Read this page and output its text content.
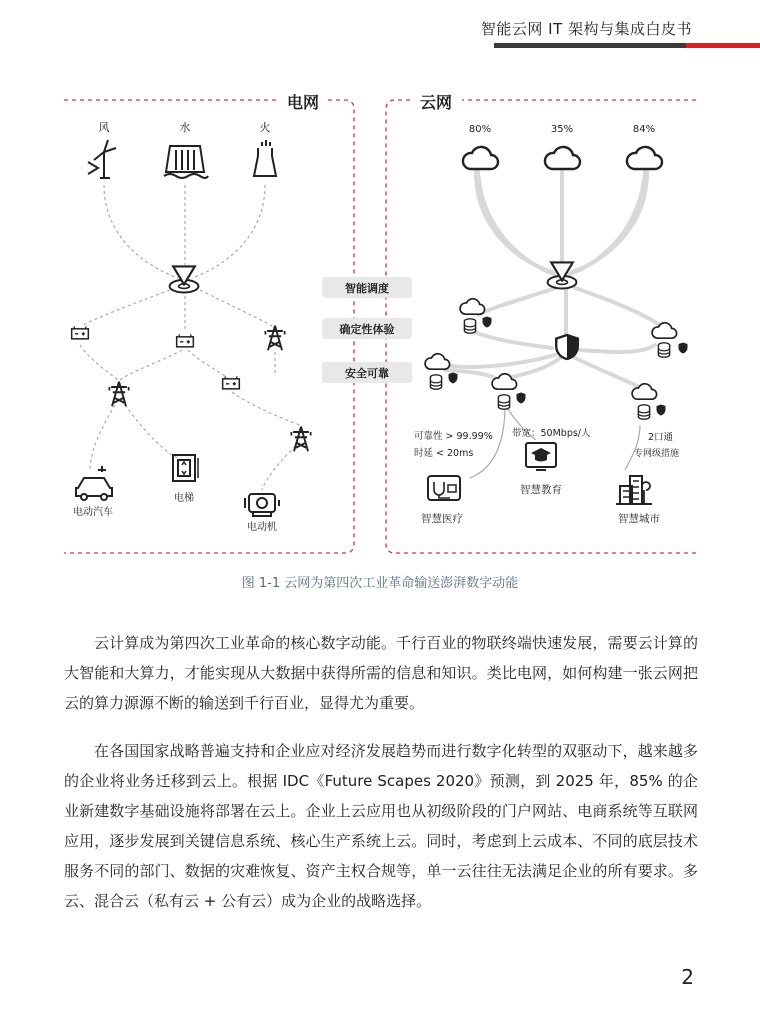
智能云网 IT 架构与集成白皮书
电网	云网
风	水	火
电动汽车
电梯
电动机
智能调度
确定性体验
安全可靠
80%	35%	84%
可靠性 > 99.99%
时延 < 20ms
带宽：50Mbps/人	2口通
专网级措施
智慧医疗
智慧教育
智慧城市
图 1-1 云网为第四次工业革命输送澎湃数字动能

云计算成为第四次工业革命的核心数字动能。千行百业的物联终端快速发展，需要云计算的大智能和大算力，才能实现从大数据中获得所需的信息和知识。类比电网，如何构建一张云网把云的算力源源不断的输送到千行百业，显得尤为重要。

在各国国家战略普遍支持和企业应对经济发展趋势而进行数字化转型的双驱动下，越来越多的企业将业务迁移到云上。根据 IDC《Future Scapes 2020》预测，到 2025 年，85% 的企业新建数字基础设施将部署在云上。企业上云应用也从初级阶段的门户网站、电商系统等互联网应用，逐步发展到关键信息系统、核心生产系统上云。同时，考虑到上云成本、不同的底层技术服务不同的部门、数据的灾难恢复、资产主权合规等，单一云往往无法满足企业的所有要求。多云、混合云（私有云 + 公有云）成为企业的战略选择。

2
